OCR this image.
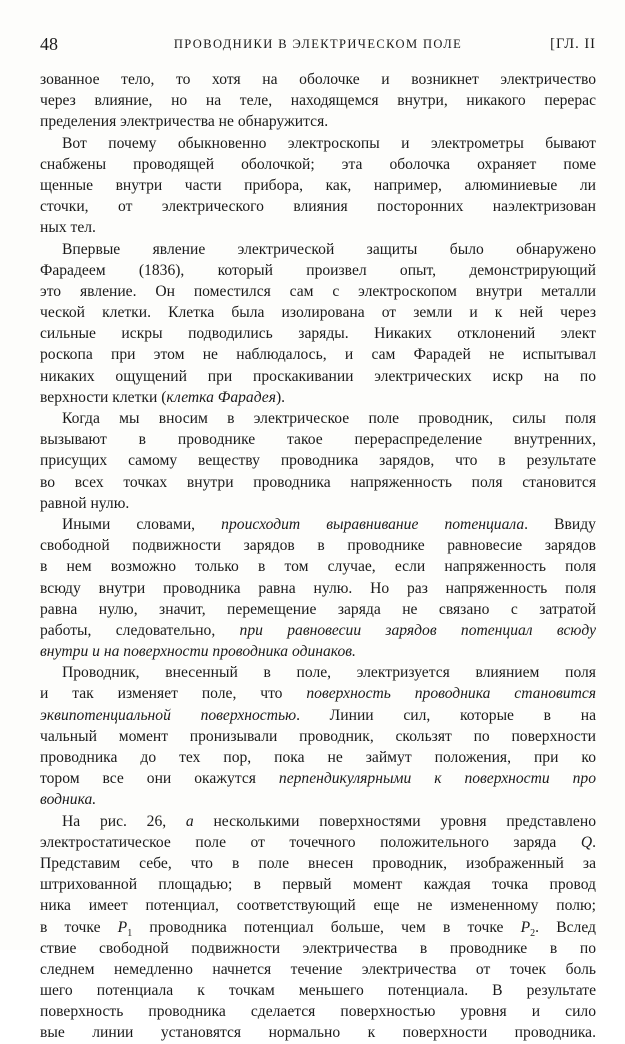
48	ПРОВОДНИКИ В ЭЛЕКТРИЧЕСКОМ ПОЛЕ	[ГЛ. II
зованное тело, то хотя на оболочке и возникнет электричество
через влияние, но на теле, находящемся внутри, никакого перерас
пределения электричества не обнаружится.
Вот почему обыкновенно электроскопы и электрометры бывают
снабжены проводящей оболочкой; эта оболочка охраняет поме
щенные внутри части прибора, как, например, алюминиевые ли
сточки, от электрического влияния посторонних наэлектризован
ных тел.
Впервые явление электрической защиты было обнаружено
Фарадеем (1836), который произвел опыт, демонстрирующий
это явление. Он поместился сам с электроскопом внутри металли
ческой клетки. Клетка была изолирована от земли и к ней через
сильные искры подводились заряды. Никаких отклонений элект
роскопа при этом не наблюдалось, и сам Фарадей не испытывал
никаких ощущений при проскакивании электрических искр на по
верхности клетки (клетка Фарадея).
Когда мы вносим в электрическое поле проводник, силы поля
вызывают в проводнике такое перераспределение внутренних,
присущих самому веществу проводника зарядов, что в результате
во всех точках внутри проводника напряженность поля становится
равной нулю.
Иными словами, происходит выравнивание потенциала. Ввиду
свободной подвижности зарядов в проводнике равновесие зарядов
в нем возможно только в том случае, если напряженность поля
всюду внутри проводника равна нулю. Но раз напряженность поля
равна нулю, значит, перемещение заряда не связано с затратой
работы, следовательно, при равновесии зарядов потенциал всюду
внутри и на поверхности проводника одинаков.
Проводник, внесенный в поле, электризуется влиянием поля
и так изменяет поле, что поверхность проводника становится
эквипотенциальной поверхностью. Линии сил, которые в на
чальный момент пронизывали проводник, скользят по поверхности
проводника до тех пор, пока не займут положения, при ко
тором все они окажутся перпендикулярными к поверхности про
водника.
На рис. 26, а несколькими поверхностями уровня представлено
электростатическое поле от точечного положительного заряда Q.
Представим себе, что в поле внесен проводник, изображенный за
штрихованной площадью; в первый момент каждая точка провод
ника имеет потенциал, соответствующий еще не измененному полю;
в точке $P_1$ проводника потенциал больше, чем в точке $P_2$. Вслед
ствие свободной подвижности электричества в проводнике в по
следнем немедленно начнется течение электричества от точек боль
шего потенциала к точкам меньшего потенциала. В результате
поверхность проводника сделается поверхностью уровня и сило
вые линии установятся нормально к поверхности проводника.
